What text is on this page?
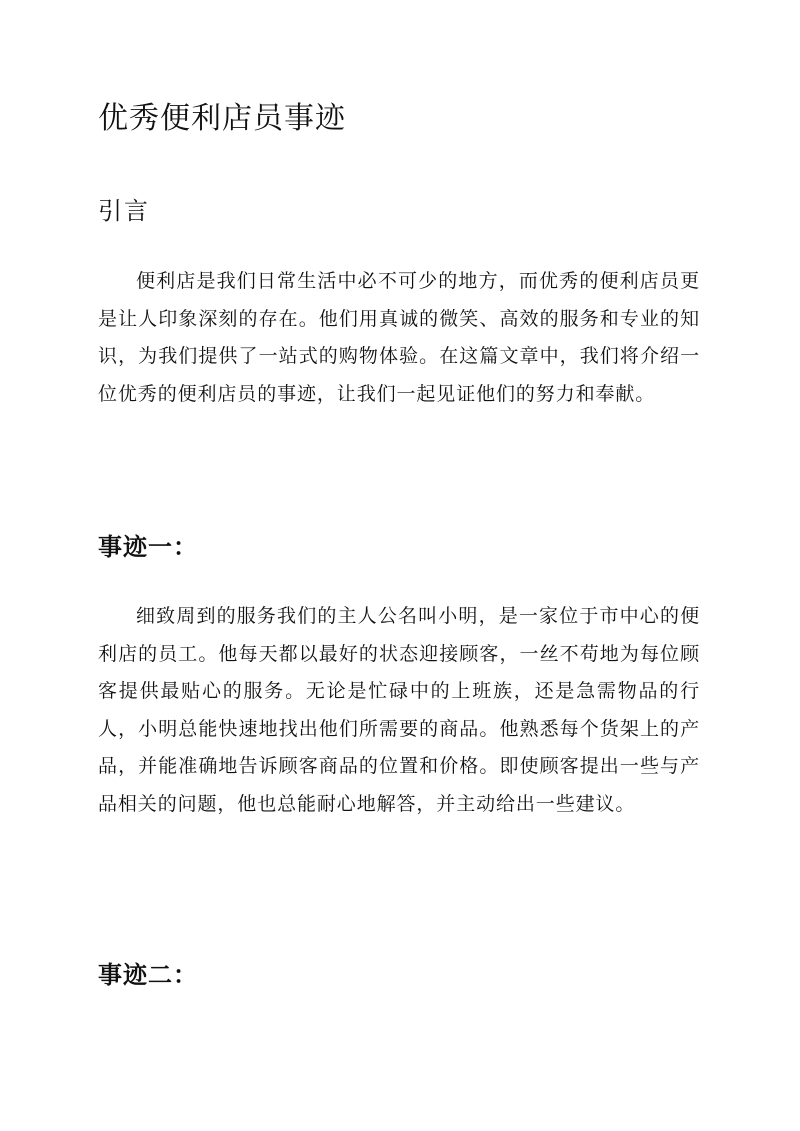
优秀便利店员事迹
引言

便利店是我们日常生活中必不可少的地方，而优秀的便利店员更是让人印象深刻的存在。他们用真诚的微笑、高效的服务和专业的知识，为我们提供了一站式的购物体验。在这篇文章中，我们将介绍一位优秀的便利店员的事迹，让我们一起见证他们的努力和奉献。

事迹一：

细致周到的服务我们的主人公名叫小明，是一家位于市中心的便利店的员工。他每天都以最好的状态迎接顾客，一丝不苟地为每位顾客提供最贴心的服务。无论是忙碌中的上班族，还是急需物品的行人，小明总能快速地找出他们所需要的商品。他熟悉每个货架上的产品，并能准确地告诉顾客商品的位置和价格。即使顾客提出一些与产品相关的问题，他也总能耐心地解答，并主动给出一些建议。

事迹二：
